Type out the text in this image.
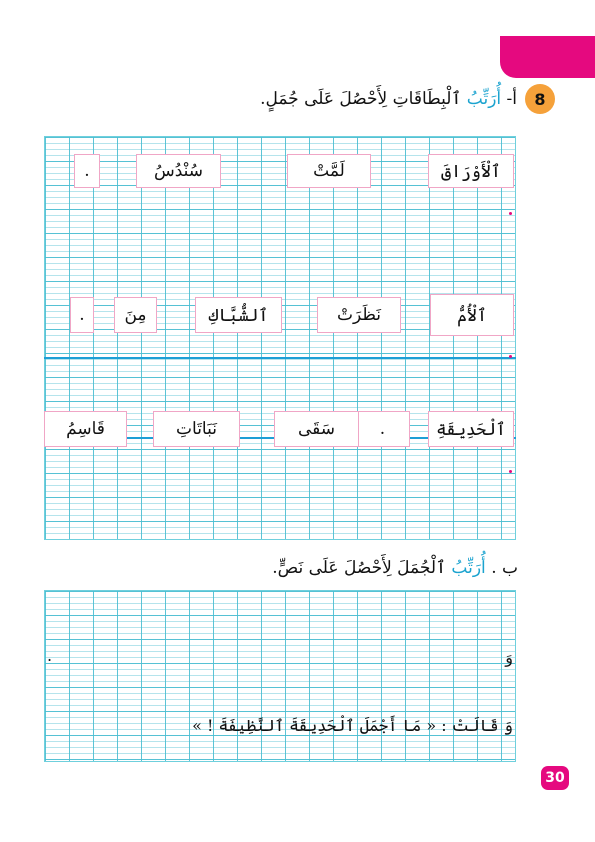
8
أ- أُرَتِّبُ ٱلْبِطَاقَاتِ لِأَحْصُلَ عَلَى جُمَلٍ.
ٱلْأَوْرَاقَ
لَمَّتْ
سُنْدُسُ
.
ٱلْأُمُّ
نَظَرَتْ
ٱلشُّبَّاكِ
مِنَ
.
ٱلْحَدِيقَةِ
.
سَقَى
نَبَاتَاتِ
قَاسِمُ
ب . أُرَتِّبُ ٱلْجُمَلَ لِأَحْصُلَ عَلَى نَصٍّ.
وَ
.
وَ قَالَتْ : « مَا أَجْمَلَ ٱلْحَدِيقَةَ ٱلنَّظِيفَةَ ! »
30
